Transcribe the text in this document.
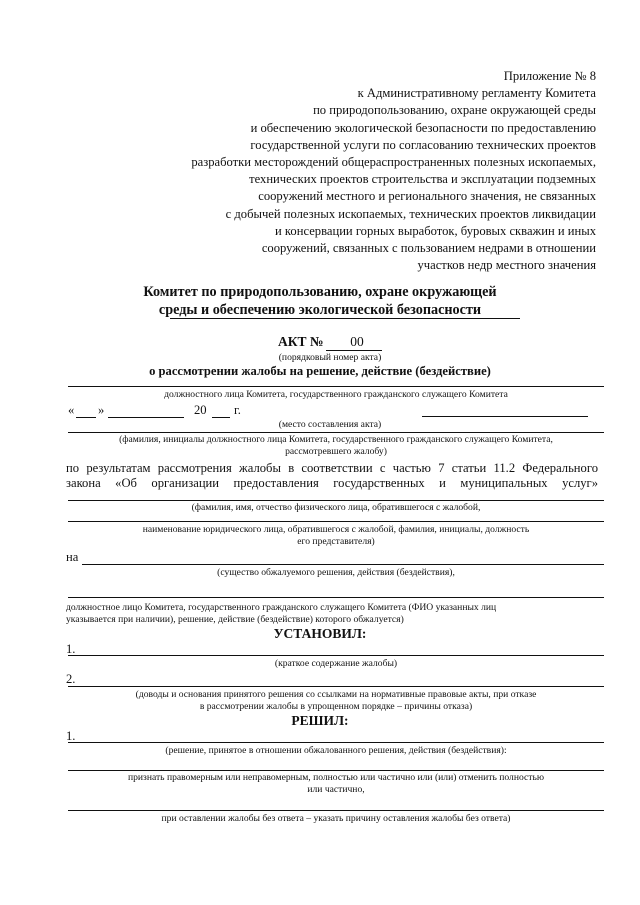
Приложение № 8
к Административному регламенту Комитета
по природопользованию, охране окружающей среды
и обеспечению экологической безопасности по предоставлению
государственной услуги по согласованию технических проектов
разработки месторождений общераспространенных полезных ископаемых,
технических проектов строительства и эксплуатации подземных
сооружений местного и регионального значения, не связанных
с добычей полезных ископаемых, технических проектов ликвидации
и консервации горных выработок, буровых скважин и иных
сооружений, связанных с пользованием недрами в отношении
участков недр местного значения
Комитет по природопользованию, охране окружающей
среды и обеспечению экологической безопасности
АКТ №	00
(порядковый номер акта)
о рассмотрении жалобы на решение, действие (бездействие)
должностного лица Комитета, государственного гражданского служащего Комитета
« »	20 г.
(место составления акта)
(фамилия, инициалы должностного лица Комитета, государственного гражданского служащего Комитета,
рассмотревшего жалобу)
по результатам рассмотрения жалобы в соответствии с частью 7 статьи 11.2 Федерального
закона «Об организации предоставления государственных и муниципальных услуг»
(фамилия, имя, отчество физического лица, обратившегося с жалобой,
наименование юридического лица, обратившегося с жалобой, фамилия, инициалы, должность
его представителя)
на
(существо обжалуемого решения, действия (бездействия),
должностное лицо Комитета, государственного гражданского служащего Комитета (ФИО указанных лиц
указывается при наличии), решение, действие (бездействие) которого обжалуется)
УСТАНОВИЛ:
1.
(краткое содержание жалобы)
2.
(доводы и основания принятого решения со ссылками на нормативные правовые акты, при отказе
в рассмотрении жалобы в упрощенном порядке – причины отказа)
РЕШИЛ:
1.
(решение, принятое в отношении обжалованного решения, действия (бездействия):
признать правомерным или неправомерным, полностью или частично или (или) отменить полностью
или частично,
при оставлении жалобы без ответа – указать причину оставления жалобы без ответа)
